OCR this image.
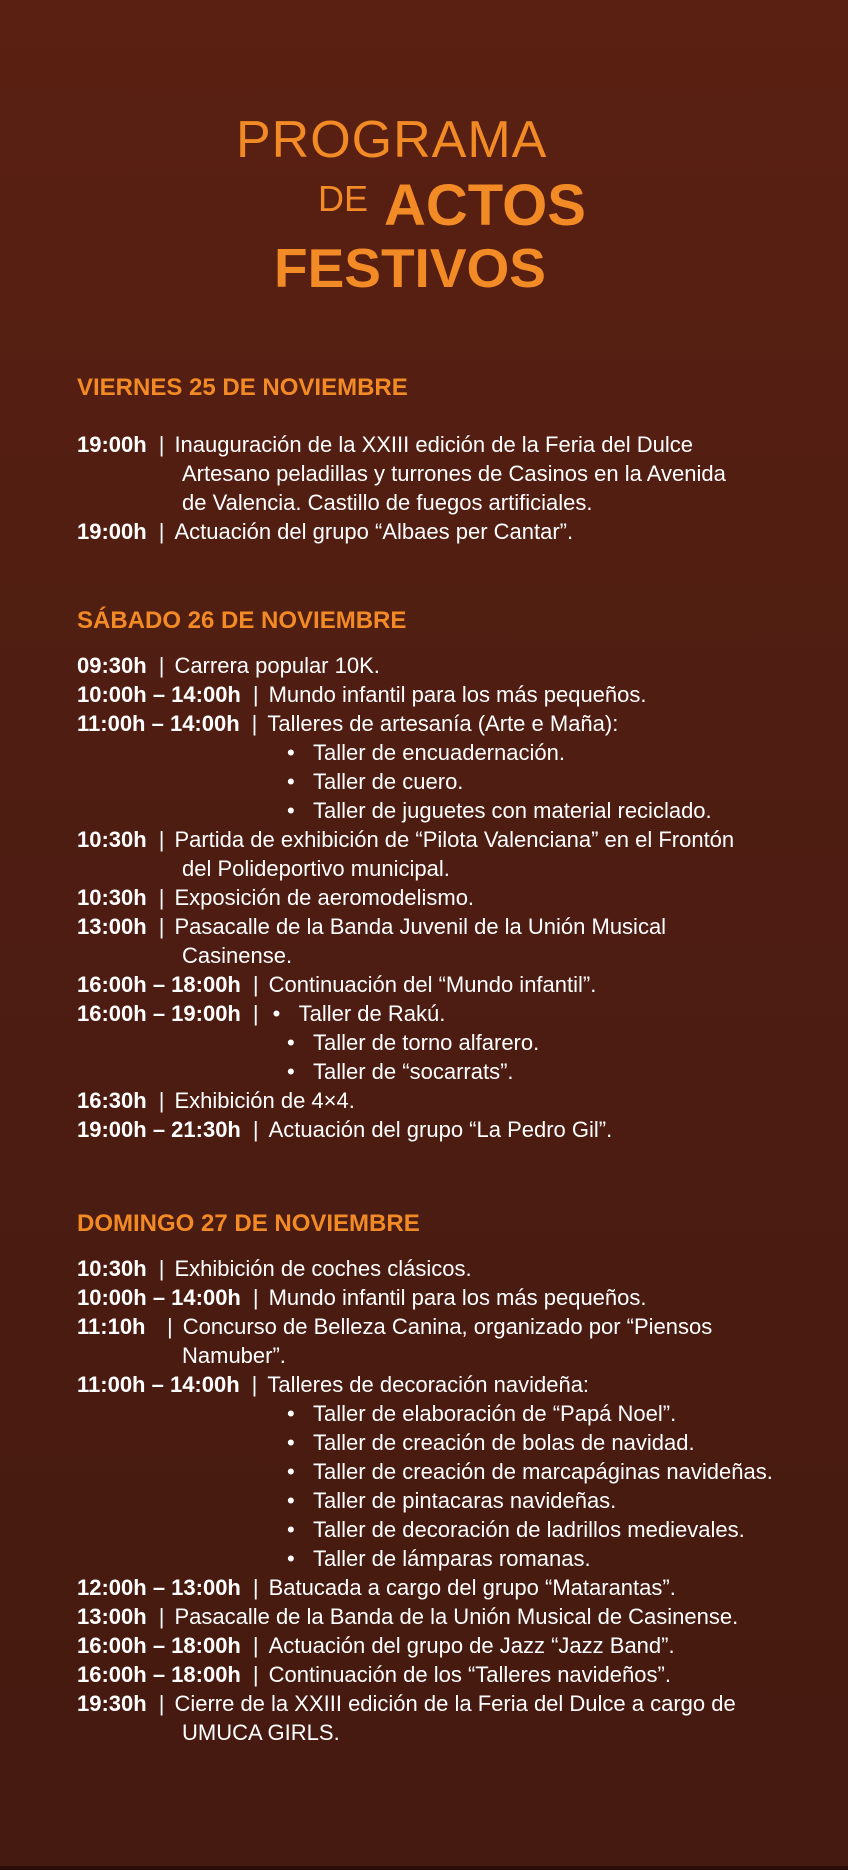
PROGRAMA
DE ACTOS
FESTIVOS
VIERNES 25 DE NOVIEMBRE
19:00h | Inauguración de la XXIII edición de la Feria del Dulce
Artesano peladillas y turrones de Casinos en la Avenida
de Valencia. Castillo de fuegos artificiales.
19:00h | Actuación del grupo “Albaes per Cantar”.
SÁBADO 26 DE NOVIEMBRE
09:30h | Carrera popular 10K.
10:00h – 14:00h | Mundo infantil para los más pequeños.
11:00h – 14:00h | Talleres de artesanía (Arte e Maña):
• Taller de encuadernación.
• Taller de cuero.
• Taller de juguetes con material reciclado.
10:30h | Partida de exhibición de “Pilota Valenciana” en el Frontón
del Polideportivo municipal.
10:30h | Exposición de aeromodelismo.
13:00h | Pasacalle de la Banda Juvenil de la Unión Musical
Casinense.
16:00h – 18:00h | Continuación del “Mundo infantil”.
16:00h – 19:00h | • Taller de Rakú.
• Taller de torno alfarero.
• Taller de “socarrats”.
16:30h | Exhibición de 4×4.
19:00h – 21:30h | Actuación del grupo “La Pedro Gil”.
DOMINGO 27 DE NOVIEMBRE
10:30h | Exhibición de coches clásicos.
10:00h – 14:00h | Mundo infantil para los más pequeños.
11:10h | Concurso de Belleza Canina, organizado por “Piensos
Namuber”.
11:00h – 14:00h | Talleres de decoración navideña:
• Taller de elaboración de “Papá Noel”.
• Taller de creación de bolas de navidad.
• Taller de creación de marcapáginas navideñas.
• Taller de pintacaras navideñas.
• Taller de decoración de ladrillos medievales.
• Taller de lámparas romanas.
12:00h – 13:00h | Batucada a cargo del grupo “Matarantas”.
13:00h | Pasacalle de la Banda de la Unión Musical de Casinense.
16:00h – 18:00h | Actuación del grupo de Jazz “Jazz Band”.
16:00h – 18:00h | Continuación de los “Talleres navideños”.
19:30h | Cierre de la XXIII edición de la Feria del Dulce a cargo de
UMUCA GIRLS.
